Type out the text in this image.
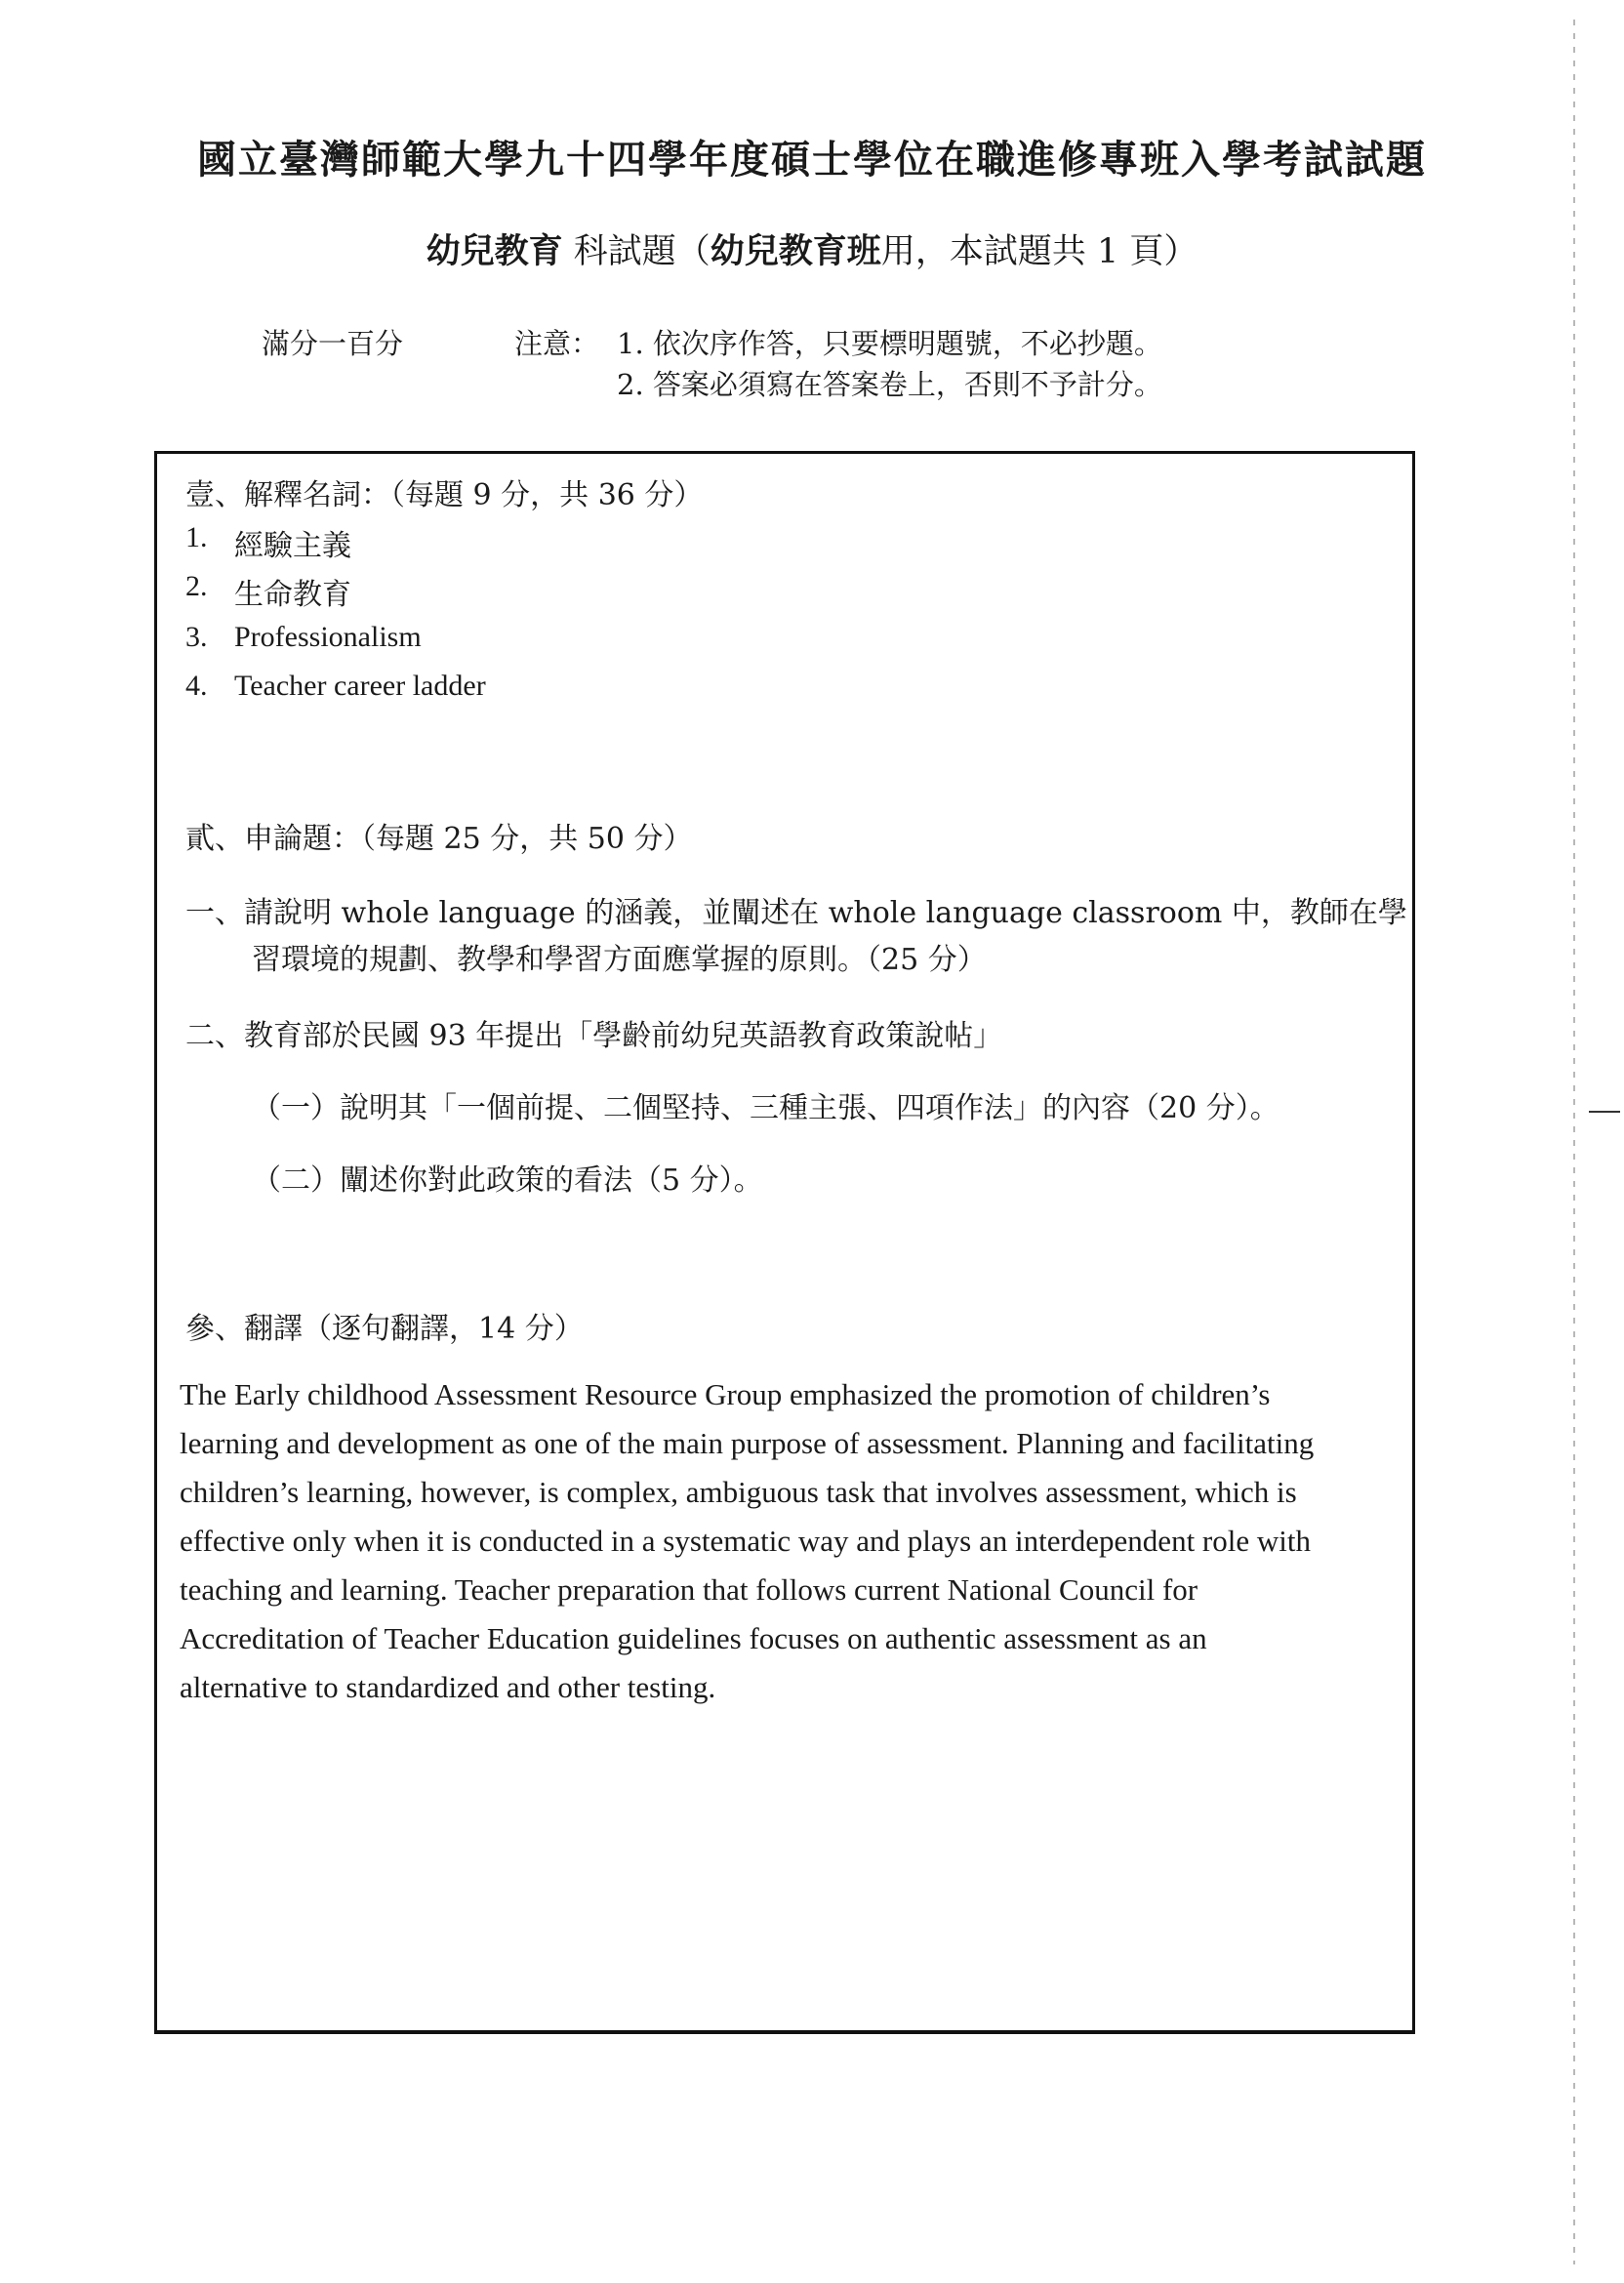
國立臺灣師範大學九十四學年度碩士學位在職進修專班入學考試試題
幼兒教育 科試題（幼兒教育班用，本試題共 1 頁）
滿分一百分	注意： 1. 依次序作答，只要標明題號，不必抄題。
2. 答案必須寫在答案卷上，否則不予計分。
壹、解釋名詞：（每題 9 分，共 36 分）
1. 經驗主義
2. 生命教育
3. Professionalism
4. Teacher career ladder
貳、申論題：（每題 25 分，共 50 分）
一、請說明 whole language 的涵義，並闡述在 whole language classroom 中，教師在學
習環境的規劃、教學和學習方面應掌握的原則。（25 分）
二、教育部於民國 93 年提出「學齡前幼兒英語教育政策說帖」
（一）說明其「一個前提、二個堅持、三種主張、四項作法」的內容（20 分）。
（二）闡述你對此政策的看法（5 分）。
參、翻譯（逐句翻譯，14 分）
The Early childhood Assessment Resource Group emphasized the promotion of children’s
learning and development as one of the main purpose of assessment. Planning and facilitating
children’s learning, however, is complex, ambiguous task that involves assessment, which is
effective only when it is conducted in a systematic way and plays an interdependent role with
teaching and learning. Teacher preparation that follows current National Council for
Accreditation of Teacher Education guidelines focuses on authentic assessment as an
alternative to standardized and other testing.
